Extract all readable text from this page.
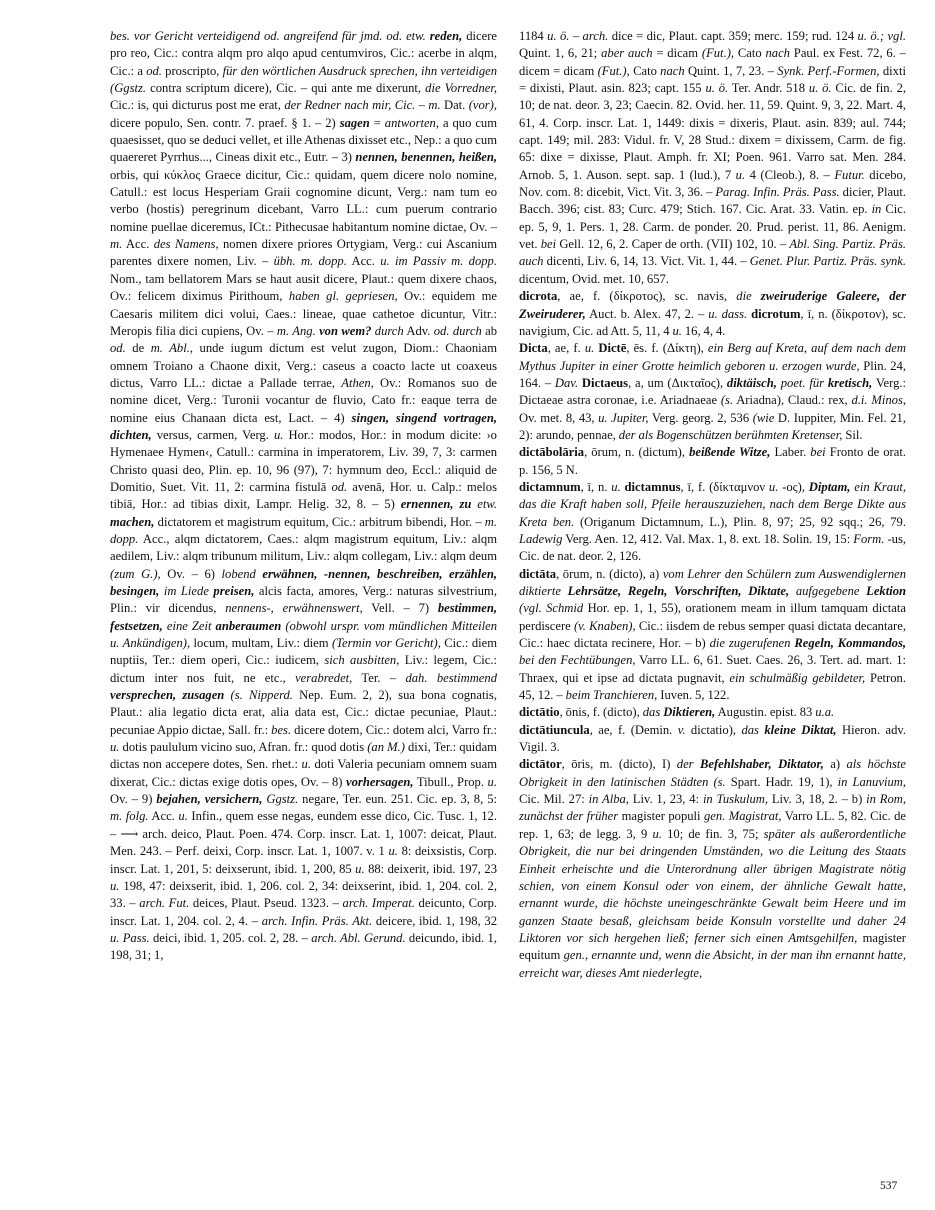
bes. vor Gericht verteidigend od. angreifend für jmd. od. etw. reden, dicere pro reo, Cic.: contra alqm pro alqo apud centumviros, Cic.: acerbe in alqm, Cic.: a od. proscripto, für den wörtlichen Ausdruck sprechen, ihn verteidigen (Ggstz. contra scriptum dicere), Cic. – qui ante me dixerunt, die Vorredner, Cic.: is, qui dicturus post me erat, der Redner nach mir, Cic. – m. Dat. (vor), dicere populo, Sen. contr. 7. praef. § 1. – 2) sagen = antworten, a quo cum quaesisset, quo se deduci vellet, et ille Athenas dixisset etc., Nep.: a quo cum quaereret Pyrrhus..., Cineas dixit etc., Eutr. – 3) nennen, benennen, heißen, orbis, qui κύκλος Graece dicitur, Cic.: quidam, quem dicere nolo nomine, Catull.: est locus Hesperiam Graii cognomine dicunt, Verg.: nam tum eo verbo (hostis) peregrinum dicebant, Varro LL.: cum puerum contrario nomine puellae diceremus, ICt.: Pithecusae habitantum nomine dictae, Ov. – m. Acc. des Namens, nomen dixere priores Ortygiam, Verg.: cui Ascanium parentes dixere nomen, Liv. – übh. m. dopp. Acc. u. im Passiv m. dopp. Nom., tam bellatorem Mars se haut ausit dicere, Plaut.: quem dixere chaos, Ov.: felicem diximus Pirithoum, haben gl. gepriesen, Ov.: equidem me Caesaris militem dici volui, Caes.: lineae, quae cathetoe dicuntur, Vitr.: Meropis filia dici cupiens, Ov. – m. Ang. von wem? durch Adv. od. durch ab od. de m. Abl., unde iugum dictum est velut zugon, Diom.: Chaoniam omnem Troiano a Chaone dixit, Verg.: caseus a coacto lacte ut coaxeus dictus, Varro LL.: dictae a Pallade terrae, Athen, Ov.: Romanos suo de nomine dicet, Verg.: Turonii vocantur de fluvio, Cato fr.: eaque terra de nomine eius Chanaan dicta est, Lact. – 4) singen, singend vortragen, dichten, versus, carmen, Verg. u. Hor.: modos, Hor.: in modum dicite: ›o Hymenaee Hymen‹, Catull.: carmina in imperatorem, Liv. 39, 7, 3: carmen Christo quasi deo, Plin. ep. 10, 96 (97), 7: hymnum deo, Eccl.: aliquid de Domitio, Suet. Vit. 11, 2: carmina fistulā od. avenā, Hor. u. Calp.: melos tibiā, Hor.: ad tibias dixit, Lampr. Helig. 32, 8. – 5) ernennen, zu etw. machen, dictatorem et magistrum equitum, Cic.: arbitrum bibendi, Hor. – m. dopp. Acc., alqm dictatorem, Caes.: alqm magistrum equitum, Liv.: alqm aedilem, Liv.: alqm tribunum militum, Liv.: alqm collegam, Liv.: alqm deum (zum G.), Ov. – 6) lobend erwähnen, -nennen, beschreiben, erzählen, besingen, im Liede preisen, alcis facta, amores, Verg.: naturas silvestrium, Plin.: vir dicendus, nennens-, erwähnenswert, Vell. – 7) bestimmen, festsetzen, eine Zeit anberaumen (obwohl urspr. vom mündlichen Mitteilen u. Ankündigen), locum, multam, Liv.: diem (Termin vor Gericht), Cic.: diem nuptiis, Ter.: diem operi, Cic.: iudicem, sich ausbitten, Liv.: legem, Cic.: dictum inter nos fuit, ne etc., verabredet, Ter. – dah. bestimmend versprechen, zusagen (s. Nipperd. Nep. Eum. 2, 2), sua bona cognatis, Plaut.: alia legatio dicta erat, alia data est, Cic.: dictae pecuniae, Plaut.: pecuniae Appio dictae, Sall. fr.: bes. dicere dotem, Cic.: dotem alci, Varro fr.: u. dotis paululum vicino suo, Afran. fr.: quod dotis (an M.) dixi, Ter.: quidam dictas non accepere dotes, Sen. rhet.: u. doti Valeria pecuniam omnem suam dixerat, Cic.: dictas exige dotis opes, Ov. – 8) vorhersagen, Tibull., Prop. u. Ov. – 9) bejahen, versichern, Ggstz. negare, Ter. eun. 251. Cic. ep. 3, 8, 5: m. folg. Acc. u. Infin., quem esse negas, eundem esse dico, Cic. Tusc. 1, 12. – ⟶ arch. deico, Plaut. Poen. 474. Corp. inscr. Lat. 1, 1007: deicat, Plaut. Men. 243. – Perf. deixi, Corp. inscr. Lat. 1, 1007. v. 1 u. 8: deixsistis, Corp. inscr. Lat. 1, 201, 5: deixserunt, ibid. 1, 200, 85 u. 88: deixerit, ibid. 197, 23 u. 198, 47: deixserit, ibid. 1, 206. col. 2, 34: deixserint, ibid. 1, 204. col. 2, 33. – arch. Fut. deices, Plaut. Pseud. 1323. – arch. Imperat. deicunto, Corp. inscr. Lat. 1, 204. col. 2, 4. – arch. Infin. Präs. Akt. deicere, ibid. 1, 198, 32 u. Pass. deici, ibid. 1, 205. col. 2, 28. – arch. Abl. Gerund. deicundo, ibid. 1, 198, 31; 1,

1184 u. ö. – arch. dice = dic, Plaut. capt. 359; merc. 159; rud. 124 u. ö.; vgl. Quint. 1, 6, 21; aber auch = dicam (Fut.), Cato nach Paul. ex Fest. 72, 6. – dicem = dicam (Fut.), Cato nach Quint. 1, 7, 23. – Synk. Perf.-Formen, dixti = dixisti, Plaut. asin. 823; capt. 155 u. ö. Ter. Andr. 518 u. ö. Cic. de fin. 2, 10; de nat. deor. 3, 23; Caecin. 82. Ovid. her. 11, 59. Quint. 9, 3, 22. Mart. 4, 61, 4. Corp. inscr. Lat. 1, 1449: dixis = dixeris, Plaut. asin. 839; aul. 744; capt. 149; mil. 283: Vidul. fr. V, 28 Stud.: dixem = dixissem, Carm. de fig. 65: dixe = dixisse, Plaut. Amph. fr. XI; Poen. 961. Varro sat. Men. 284. Arnob. 5, 1. Auson. sept. sap. 1 (lud.), 7 u. 4 (Cleob.), 8. – Futur. dicebo, Nov. com. 8: dicebit, Vict. Vit. 3, 36. – Parag. Infin. Präs. Pass. dicier, Plaut. Bacch. 396; cist. 83; Curc. 479; Stich. 167. Cic. Arat. 33. Vatin. ep. in Cic. ep. 5, 9, 1. Pers. 1, 28. Carm. de ponder. 20. Prud. perist. 11, 86. Aenigm. vet. bei Gell. 12, 6, 2. Caper de orth. (VII) 102, 10. – Abl. Sing. Partiz. Präs. auch dicenti, Liv. 6, 14, 13. Vict. Vit. 1, 44. – Genet. Plur. Partiz. Präs. synk. dicentum, Ovid. met. 10, 657.

dicrota, ae, f. (δίκροτος), sc. navis, die zweiruderige Galeere, der Zweiruderer, Auct. b. Alex. 47, 2. – u. dass. dicrotum, ī, n. (δίκροτον), sc. navigium, Cic. ad Att. 5, 11, 4 u. 16, 4, 4.

Dicta, ae, f. u. Dictē, ēs. f. (Δίκτη), ein Berg auf Kreta, auf dem nach dem Mythus Jupiter in einer Grotte heimlich geboren u. erzogen wurde, Plin. 24, 164. – Dav. Dictaeus, a, um (Δικταῖος), diktäisch, poet. für kretisch, Verg.: Dictaeae astra coronae, i.e. Ariadnaeae (s. Ariadna), Claud.: rex, d.i. Minos, Ov. met. 8, 43, u. Jupiter, Verg. georg. 2, 536 (wie D. Iuppiter, Min. Fel. 21, 2): arundo, pennae, der als Bogenschützen berühmten Kretenser, Sil.

dictābolāria, ōrum, n. (dictum), beißende Witze, Laber. bei Fronto de orat. p. 156, 5 N.

dictamnum, ī, n. u. dictamnus, ī, f. (δίκταμνον u. -ος), Diptam, ein Kraut, das die Kraft haben soll, Pfeile herauszuziehen, nach dem Berge Dikte aus Kreta ben. (Origanum Dictamnum, L.), Plin. 8, 97; 25, 92 sqq.; 26, 79. Ladewig Verg. Aen. 12, 412. Val. Max. 1, 8. ext. 18. Solin. 19, 15: Form. -us, Cic. de nat. deor. 2, 126.

dictāta, ōrum, n. (dicto), a) vom Lehrer den Schülern zum Auswendiglernen diktierte Lehrsätze, Regeln, Vorschriften, Diktate, aufgegebene Lektion (vgl. Schmid Hor. ep. 1, 1, 55), orationem meam in illum tamquam dictata perdiscere (v. Knaben), Cic.: iisdem de rebus semper quasi dictata decantare, Cic.: haec dictata recinere, Hor. – b) die zugerufenen Regeln, Kommandos, bei den Fechtübungen, Varro LL. 6, 61. Suet. Caes. 26, 3. Tert. ad. mart. 1: Thraex, qui et ipse ad dictata pugnavit, ein schulmäßig gebildeter, Petron. 45, 12. – beim Tranchieren, Iuven. 5, 122.

dictātio, ōnis, f. (dicto), das Diktieren, Augustin. epist. 83 u.a.

dictātiuncula, ae, f. (Demin. v. dictatio), das kleine Diktat, Hieron. adv. Vigil. 3.

dictātor, ōris, m. (dicto), I) der Befehlshaber, Diktator, a) als höchste Obrigkeit in den latinischen Städten (s. Spart. Hadr. 19, 1), in Lanuvium, Cic. Mil. 27: in Alba, Liv. 1, 23, 4: in Tuskulum, Liv. 3, 18, 2. – b) in Rom, zunächst der früher magister populi gen. Magistrat, Varro LL. 5, 82. Cic. de rep. 1, 63; de legg. 3, 9 u. 10; de fin. 3, 75; später als außerordentliche Obrigkeit, die nur bei dringenden Umständen, wo die Leitung des Staats Einheit erheischte und die Unterordnung aller übrigen Magistrate nötig schien, von einem Konsul oder von einem, der ähnliche Gewalt hatte, ernannt wurde, die höchste uneingeschränkte Gewalt beim Heere und im ganzen Staate besaß, gleichsam beide Konsuln vorstellte und daher 24 Liktoren vor sich hergehen ließ; ferner sich einen Amtsgehilfen, magister equitum gen., ernannte und, wenn die Absicht, in der man ihn ernannt hatte, erreicht war, dieses Amt niederlegte,

537
